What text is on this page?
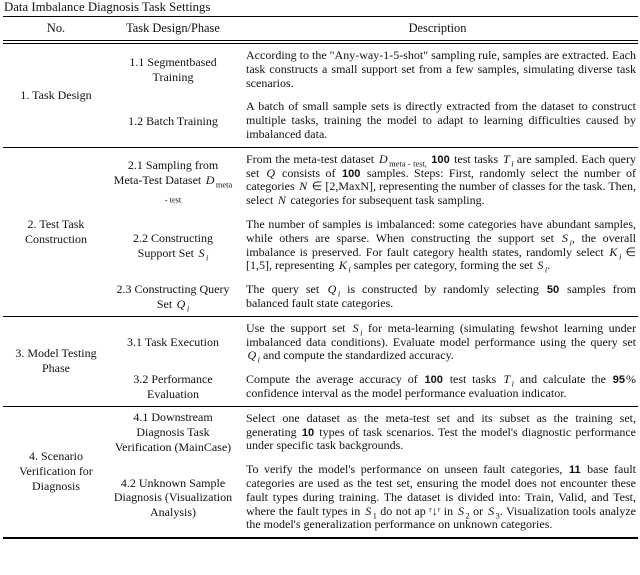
Data Imbalance Diagnosis Task Settings
No.	Task Design/Phase	Description
1. Task Design	1.1 Segmentbased Training	According to the "Any-way-1-5-shot" sampling rule, samples are extracted. Each task constructs a small support set from a few samples, simulating diverse task scenarios.
	1.2 Batch Training	A batch of small sample sets is directly extracted from the dataset to construct multiple tasks, training the model to adapt to learning difficulties caused by imbalanced data.
2. Test Task Construction	2.1 Sampling from Meta-Test Dataset D $_{meta - test}$	From the meta-test dataset D $_{meta - test,}$ 100 test tasks T $_i$ are sampled. Each query set Q consists of 100 samples. Steps: First, randomly select the number of categories N ∈ [2,MaxN], representing the number of classes for the task. Then, select N categories for subsequent task sampling.
	2.2 Constructing Support Set S $_i$	The number of samples is imbalanced: some categories have abundant samples, while others are sparse. When constructing the support set S $_i$, the overall imbalance is preserved. For fault category health states, randomly select K $_i$ ∈ [1,5], representing K $_i$ samples per category, forming the set S $_i$.
	2.3 Constructing Query Set Q $_i$	The query set Q $_i$ is constructed by randomly selecting 50 samples from balanced fault state categories.
3. Model Testing Phase	3.1 Task Execution	Use the support set S $_i$ for meta-learning (simulating fewshot learning under imbalanced data conditions). Evaluate model performance using the query set Q $_i$ and compute the standardized accuracy.
	3.2 Performance Evaluation	Compute the average accuracy of 100 test tasks T $_i$ and calculate the 95% confidence interval as the model performance evaluation indicator.
4. Scenario Verification for Diagnosis	4.1 Downstream Diagnosis Task Verification (MainCase)	Select one dataset as the meta-test set and its subset as the training set, generating 10 types of task scenarios. Test the model's diagnostic performance under specific task backgrounds.
	4.2 Unknown Sample Diagnosis (Visualization Analysis)	To verify the model's performance on unseen fault categories, 11 base fault categories are used as the test set, ensuring the model does not encounter these fault types during training. The dataset is divided into: Train, Valid, and Test, where the fault types in S $_1$ do not ap ʳ↓ʳ in S $_2$ or S $_3$. Visualization tools analyze the model's generalization performance on unknown categories.
